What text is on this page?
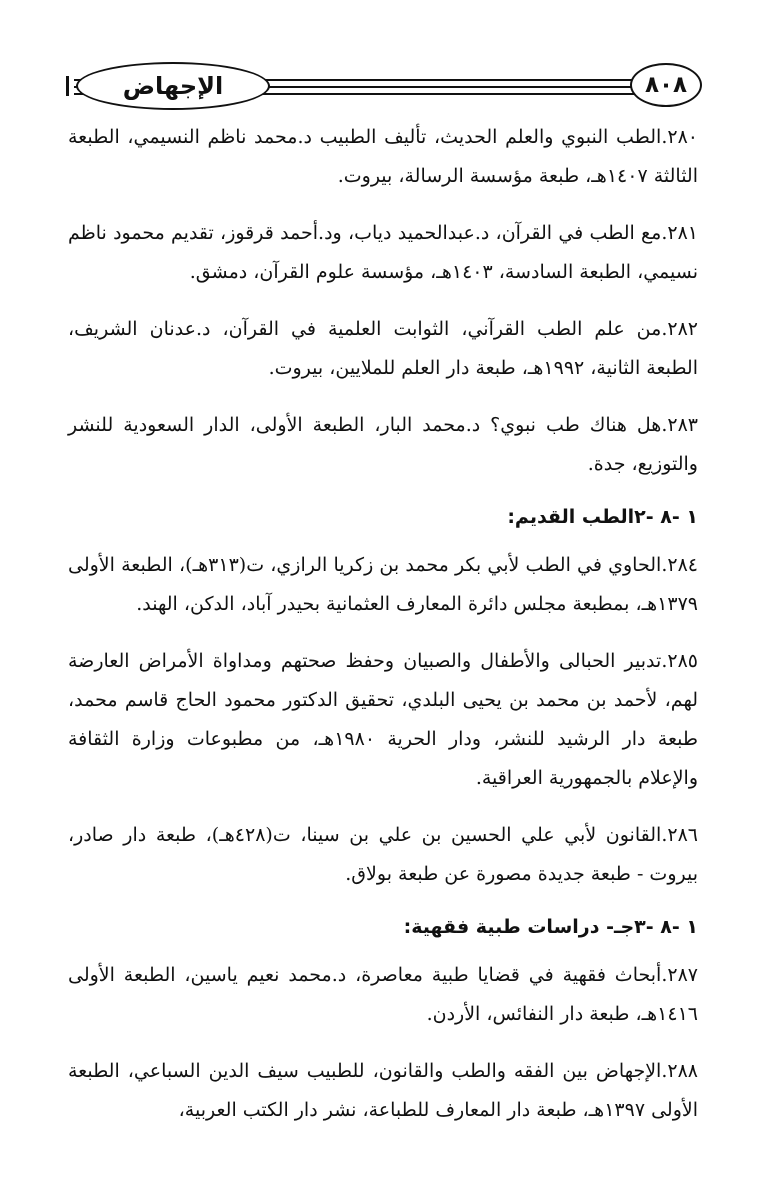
الإجهاض	٨٠٨

٢٨٠.الطب النبوي والعلم الحديث، تأليف الطبيب د.محمد ناظم النسيمي، الطبعة الثالثة ١٤٠٧هـ، طبعة مؤسسة الرسالة، بيروت.

٢٨١.مع الطب في القرآن، د.عبدالحميد دياب، ود.أحمد قرقوز، تقديم محمود ناظم نسيمي، الطبعة السادسة، ١٤٠٣هـ، مؤسسة علوم القرآن، دمشق.

٢٨٢.من علم الطب القرآني، الثوابت العلمية في القرآن، د.عدنان الشريف، الطبعة الثانية، ١٩٩٢هـ، طبعة دار العلم للملايين، بيروت.

٢٨٣.هل هناك طب نبوي؟ د.محمد البار، الطبعة الأولى، الدار السعودية للنشر والتوزيع، جدة.

١ -٨ -٢الطب القديم:

٢٨٤.الحاوي في الطب لأبي بكر محمد بن زكريا الرازي، ت(٣١٣هـ)، الطبعة الأولى ١٣٧٩هـ، بمطبعة مجلس دائرة المعارف العثمانية بحيدر آباد، الدكن، الهند.

٢٨٥.تدبير الحبالى والأطفال والصبيان وحفظ صحتهم ومداواة الأمراض العارضة لهم، لأحمد بن محمد بن يحيى البلدي، تحقيق الدكتور محمود الحاج قاسم محمد، طبعة دار الرشيد للنشر، ودار الحرية ١٩٨٠هـ، من مطبوعات وزارة الثقافة والإعلام بالجمهورية العراقية.

٢٨٦.القانون لأبي علي الحسين بن علي بن سينا، ت(٤٢٨هـ)، طبعة دار صادر، بيروت - طبعة جديدة مصورة عن طبعة بولاق.

١ -٨ -٣جـ- دراسات طبية فقهية:

٢٨٧.أبحاث فقهية في قضايا طبية معاصرة، د.محمد نعيم ياسين، الطبعة الأولى ١٤١٦هـ، طبعة دار النفائس، الأردن.

٢٨٨.الإجهاض بين الفقه والطب والقانون، للطبيب سيف الدين السباعي، الطبعة الأولى ١٣٩٧هـ، طبعة دار المعارف للطباعة، نشر دار الكتب العربية،
